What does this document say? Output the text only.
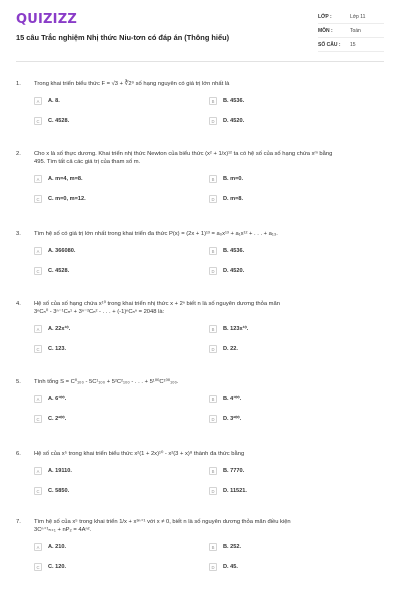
QUIZIZZ
15 câu Trắc nghiệm Nhị thức Niu-tơn có đáp án (Thông hiểu)
LỚP :	Lớp 11
MÔN :	Toán
SỐ CÂU :	15
1.	Trong khai triển biểu thức F = √3 + ∛2⁹ số hạng nguyên có giá trị lớn nhất là
A	A. 8.	B	B. 4536.
C	C. 4528.	D	D. 4520.
2.	Cho x là số thực dương. Khai triển nhị thức Newton của biểu thức (x² + 1/x)¹² ta có hệ số của số hạng chứa xᵐ bằng
495. Tìm tất cả các giá trị của tham số m.
A	A. m=4, m=8.	B	B. m=0.
C	C. m=0, m=12.	D	D. m=8.
3.	Tìm hệ số có giá trị lớn nhất trong khai triển đa thức P(x) = (2x + 1)¹³ = a₀x¹³ + a₁x¹² + . . . + a₁₃.
A	A. 366080.	B	B. 4536.
C	C. 4528.	D	D. 4520.
4.	Hệ số của số hạng chứa x¹⁰ trong khai triển nhị thức x + 2ⁿ biết n là số nguyên dương thỏa mãn
3ⁿCₙ⁰ - 3ⁿ⁻¹Cₙ¹ + 3ⁿ⁻²Cₙ² - . . . + (-1)ⁿCₙⁿ = 2048 là:
A	A. 22x¹⁰.	B	B. 123x¹⁰.
C	C. 123.	D	D. 22.
5.	Tính tổng S = C⁰₁₀₀ - 5C¹₁₀₀ + 5²C²₁₀₀ - . . . + 5¹⁰⁰C¹⁰⁰₁₀₀.
A	A. 6¹⁰⁰.	B	B. 4¹⁰⁰.
C	C. 2²⁰⁰.	D	D. 3²⁰⁰.
6.	Hệ số của x⁵ trong khai triển biểu thức x²(1 + 2x)¹⁰ - x²(3 + x)⁸ thành đa thức bằng
A	A. 19110.	B	B. 7770.
C	C. 5850.	D	D. 11521.
7.	Tìm hệ số của x⁵ trong khai triển 1/x + x³ⁿ⁺¹ với x ≠ 0, biết n là số nguyên dương thỏa mãn điều kiện
3Cⁿ⁺¹ₙ₊₁ + nP₂ = 4Aⁿ².
A	A. 210.	B	B. 252.
C	C. 120.	D	D. 45.
